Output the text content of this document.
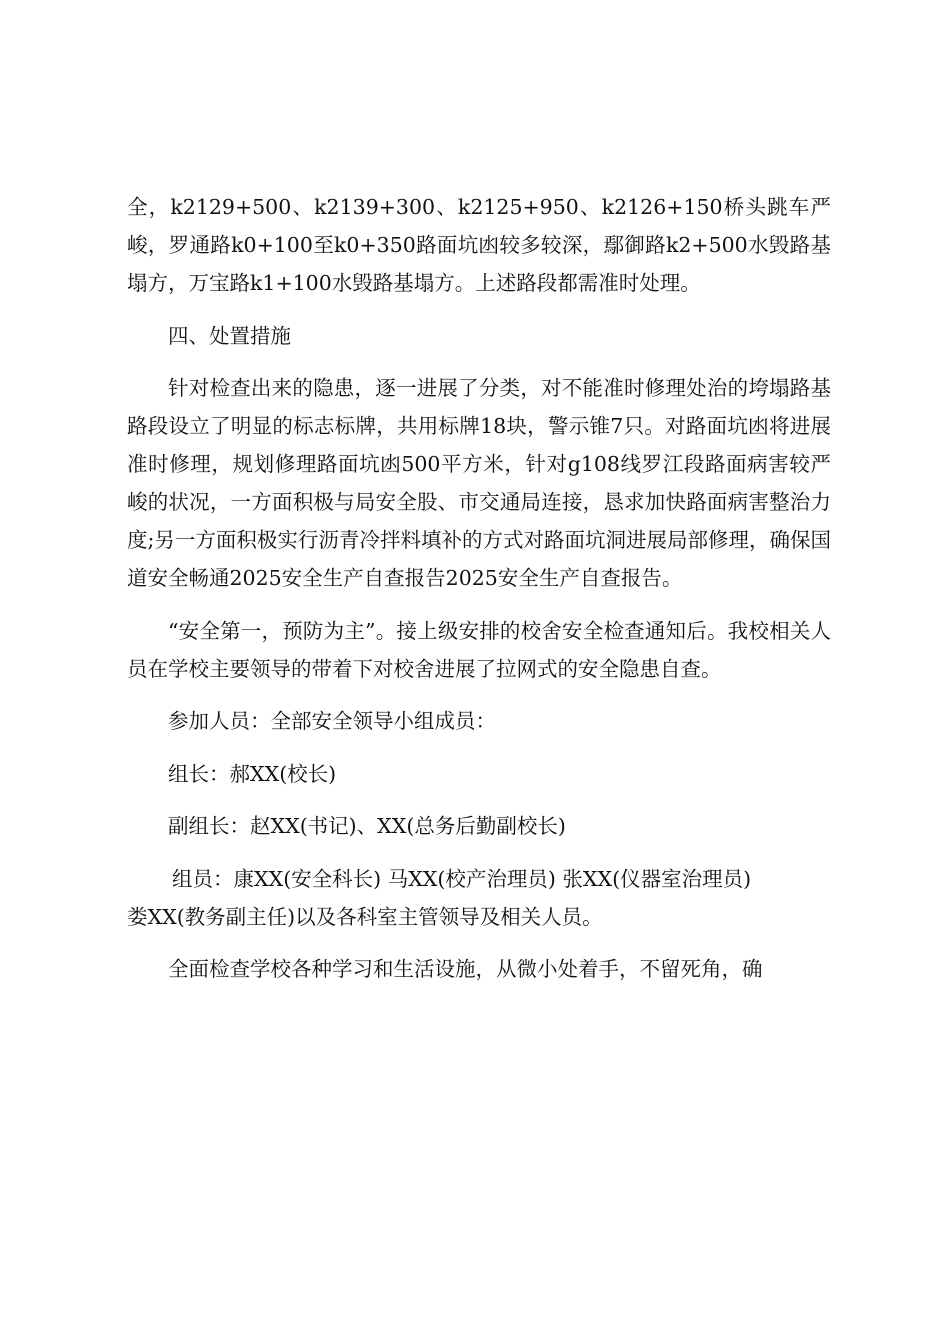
全，k2129+500、k2139+300、k2125+950、k2126+150桥头跳车严峻，罗通路k0+100至k0+350路面坑凼较多较深，鄢御路k2+500水毁路基塌方，万宝路k1+100水毁路基塌方。上述路段都需准时处理。

四、处置措施

针对检查出来的隐患，逐一进展了分类，对不能准时修理处治的垮塌路基路段设立了明显的标志标牌，共用标牌18块，警示锥7只。对路面坑凼将进展准时修理，规划修理路面坑凼500平方米，针对g108线罗江段路面病害较严峻的状况，一方面积极与局安全股、市交通局连接，恳求加快路面病害整治力度;另一方面积极实行沥青冷拌料填补的方式对路面坑洞进展局部修理，确保国道安全畅通2025安全生产自查报告2025安全生产自查报告。

“安全第一，预防为主”。接上级安排的校舍安全检查通知后。我校相关人员在学校主要领导的带着下对校舍进展了拉网式的安全隐患自查。

参加人员：全部安全领导小组成员：

组长：郝XX(校长)

副组长：赵XX(书记)、XX(总务后勤副校长)

组员：康XX(安全科长) 马XX(校产治理员) 张XX(仪器室治理员)

娄XX(教务副主任)以及各科室主管领导及相关人员。

全面检查学校各种学习和生活设施，从微小处着手，不留死角，确
